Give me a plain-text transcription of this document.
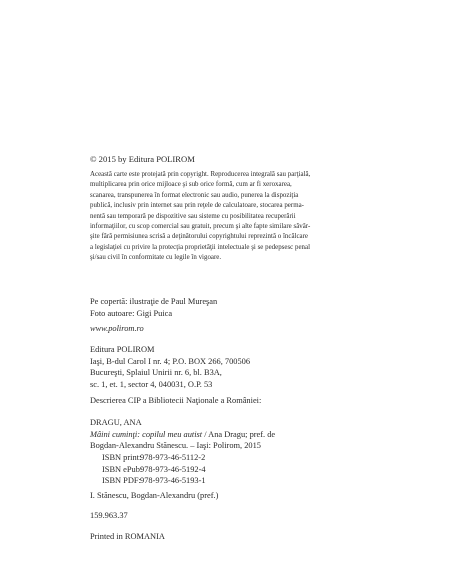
© 2015 by Editura POLIROM
Această carte este protejată prin copyright. Reproducerea integrală sau parţială,
multiplicarea prin orice mijloace şi sub orice formă, cum ar fi xeroxarea,
scanarea, transpunerea în format electronic sau audio, punerea la dispoziţia
publică, inclusiv prin internet sau prin reţele de calculatoare, stocarea perma-
nentă sau temporară pe dispozitive sau sisteme cu posibilitatea recuperării
informaţiilor, cu scop comercial sau gratuit, precum şi alte fapte similare săvâr-
şite fără permisiunea scrisă a deţinătorului copyrightului reprezintă o încălcare
a legislaţiei cu privire la protecţia proprietăţii intelectuale şi se pedepsesc penal
şi/sau civil în conformitate cu legile în vigoare.
Pe copertă: ilustraţie de Paul Mureşan
Foto autoare: Gigi Puica
www.polirom.ro
Editura POLIROM
Iaşi, B-dul Carol I nr. 4; P.O. BOX 266, 700506
Bucureşti, Splaiul Unirii nr. 6, bl. B3A,
sc. 1, et. 1, sector 4, 040031, O.P. 53
Descrierea CIP a Bibliotecii Naţionale a României:
DRAGU, ANA
Mâini cuminţi: copilul meu autist / Ana Dragu; pref. de
Bogdan-Alexandru Stănescu. – Iaşi: Polirom, 2015
ISBN print:
978-973-46-5112-2
ISBN ePub:
978-973-46-5192-4
ISBN PDF: 978-973-46-5193-1
I. Stănescu, Bogdan-Alexandru (pref.)
159.963.37
Printed in ROMANIA
